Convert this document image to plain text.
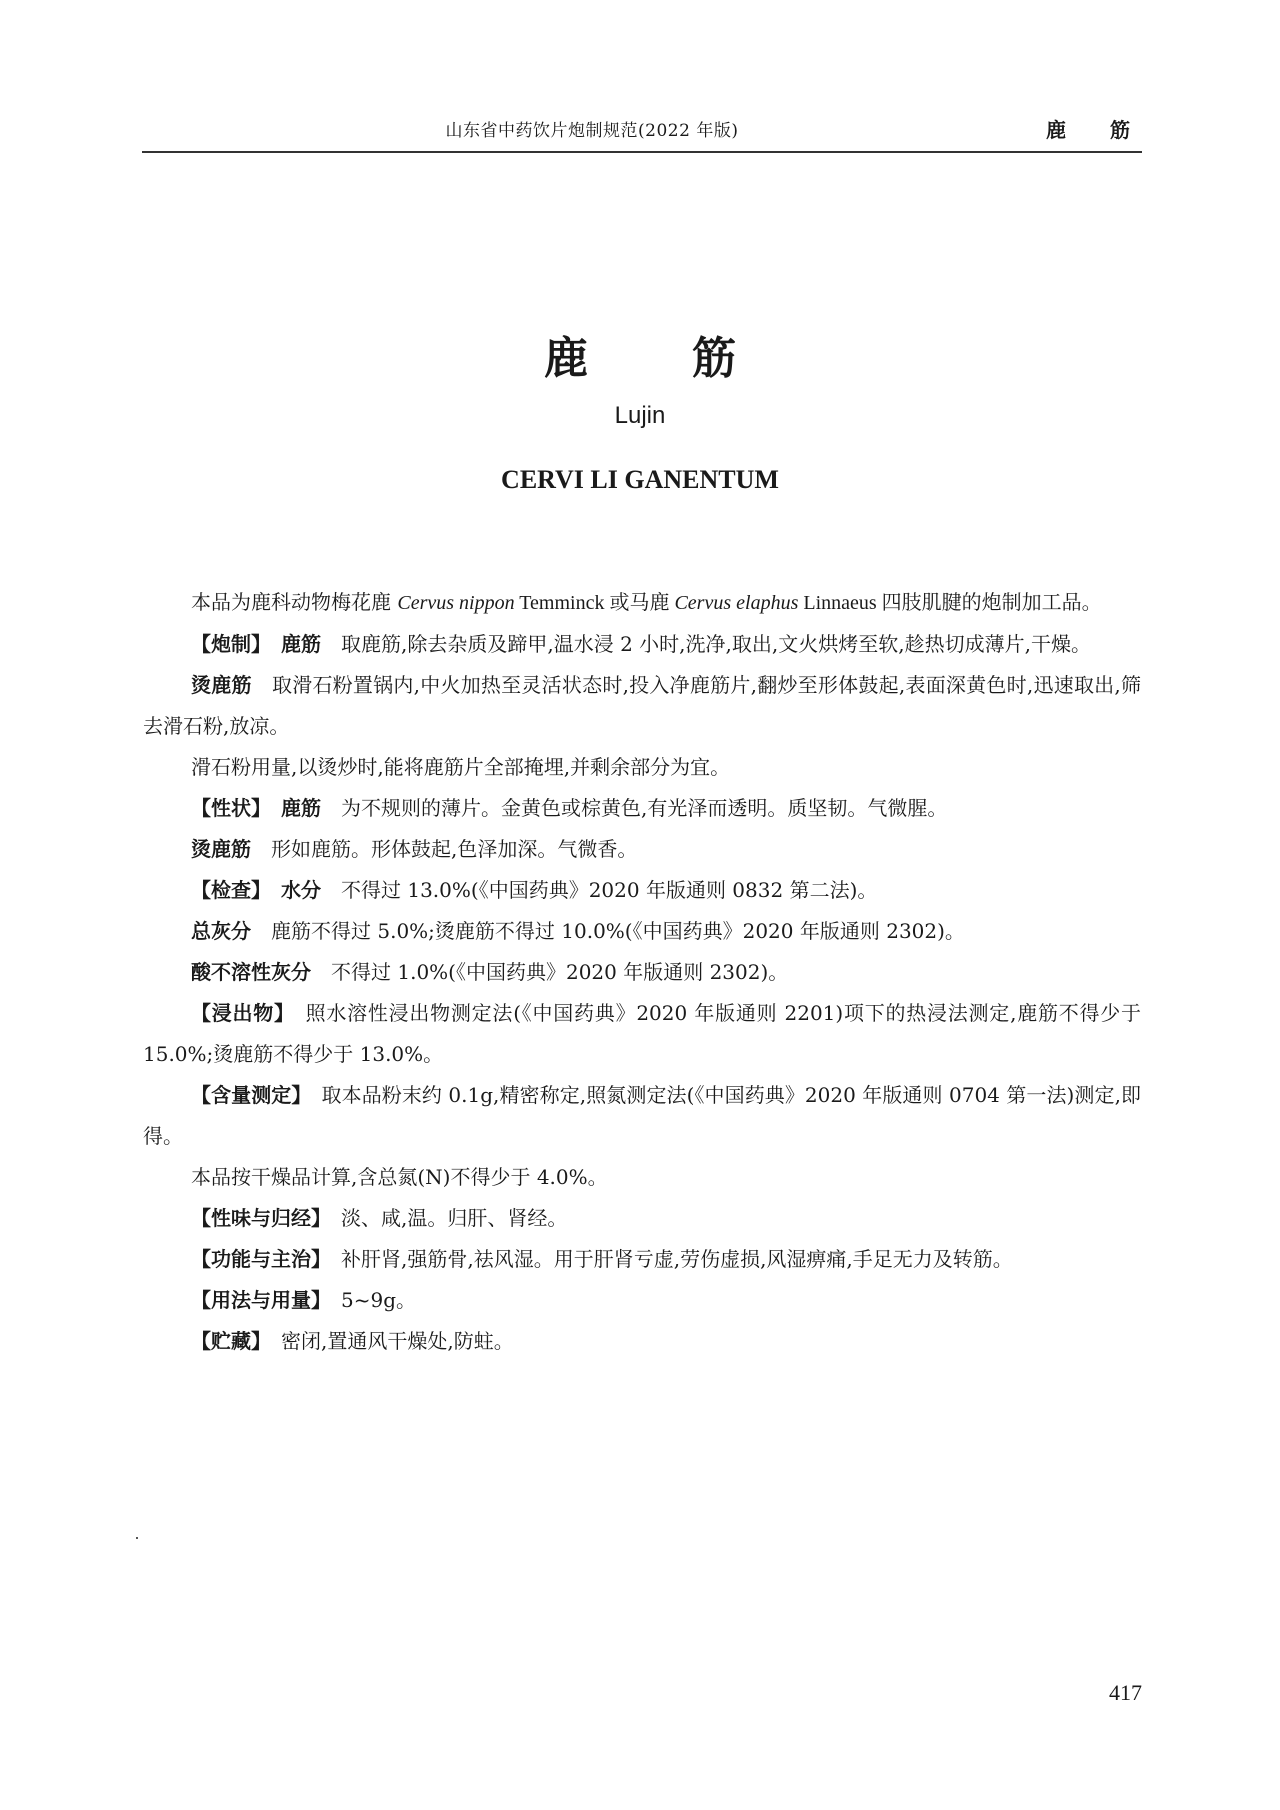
山东省中药饮片炮制规范(2022 年版)	鹿　筋
鹿　筋
Lujin
CERVI LI GANENTUM

本品为鹿科动物梅花鹿 Cervus nippon Temminck 或马鹿 Cervus elaphus Linnaeus 四肢肌腱的炮制加工品。

【炮制】　 鹿筋　 取鹿筋,除去杂质及蹄甲,温水浸 2 小时,洗净,取出,文火烘烤至软,趁热切成薄片,干燥。

烫鹿筋　 取滑石粉置锅内,中火加热至灵活状态时,投入净鹿筋片,翻炒至形体鼓起,表面深黄色时,迅速取出,筛去滑石粉,放凉。

滑石粉用量,以烫炒时,能将鹿筋片全部掩埋,并剩余部分为宜。

【性状】　 鹿筋　 为不规则的薄片。金黄色或棕黄色,有光泽而透明。质坚韧。气微腥。

烫鹿筋　 形如鹿筋。形体鼓起,色泽加深。气微香。

【检查】　 水分　 不得过 13.0%(《中国药典》2020 年版通则 0832 第二法)。

总灰分　 鹿筋不得过 5.0%;烫鹿筋不得过 10.0%(《中国药典》2020 年版通则 2302)。

酸不溶性灰分　 不得过 1.0%(《中国药典》2020 年版通则 2302)。

【浸出物】　 照水溶性浸出物测定法(《中国药典》2020 年版通则 2201)项下的热浸法测定,鹿筋不得少于 15.0%;烫鹿筋不得少于 13.0%。

【含量测定】　 取本品粉末约 0.1g,精密称定,照氮测定法(《中国药典》2020 年版通则 0704 第一法)测定,即得。

本品按干燥品计算,含总氮(N)不得少于 4.0%。

【性味与归经】　 淡、咸,温。归肝、肾经。

【功能与主治】　 补肝肾,强筋骨,祛风湿。用于肝肾亏虚,劳伤虚损,风湿痹痛,手足无力及转筋。

【用法与用量】　 5~9g。

【贮藏】　 密闭,置通风干燥处,防蛀。

417
